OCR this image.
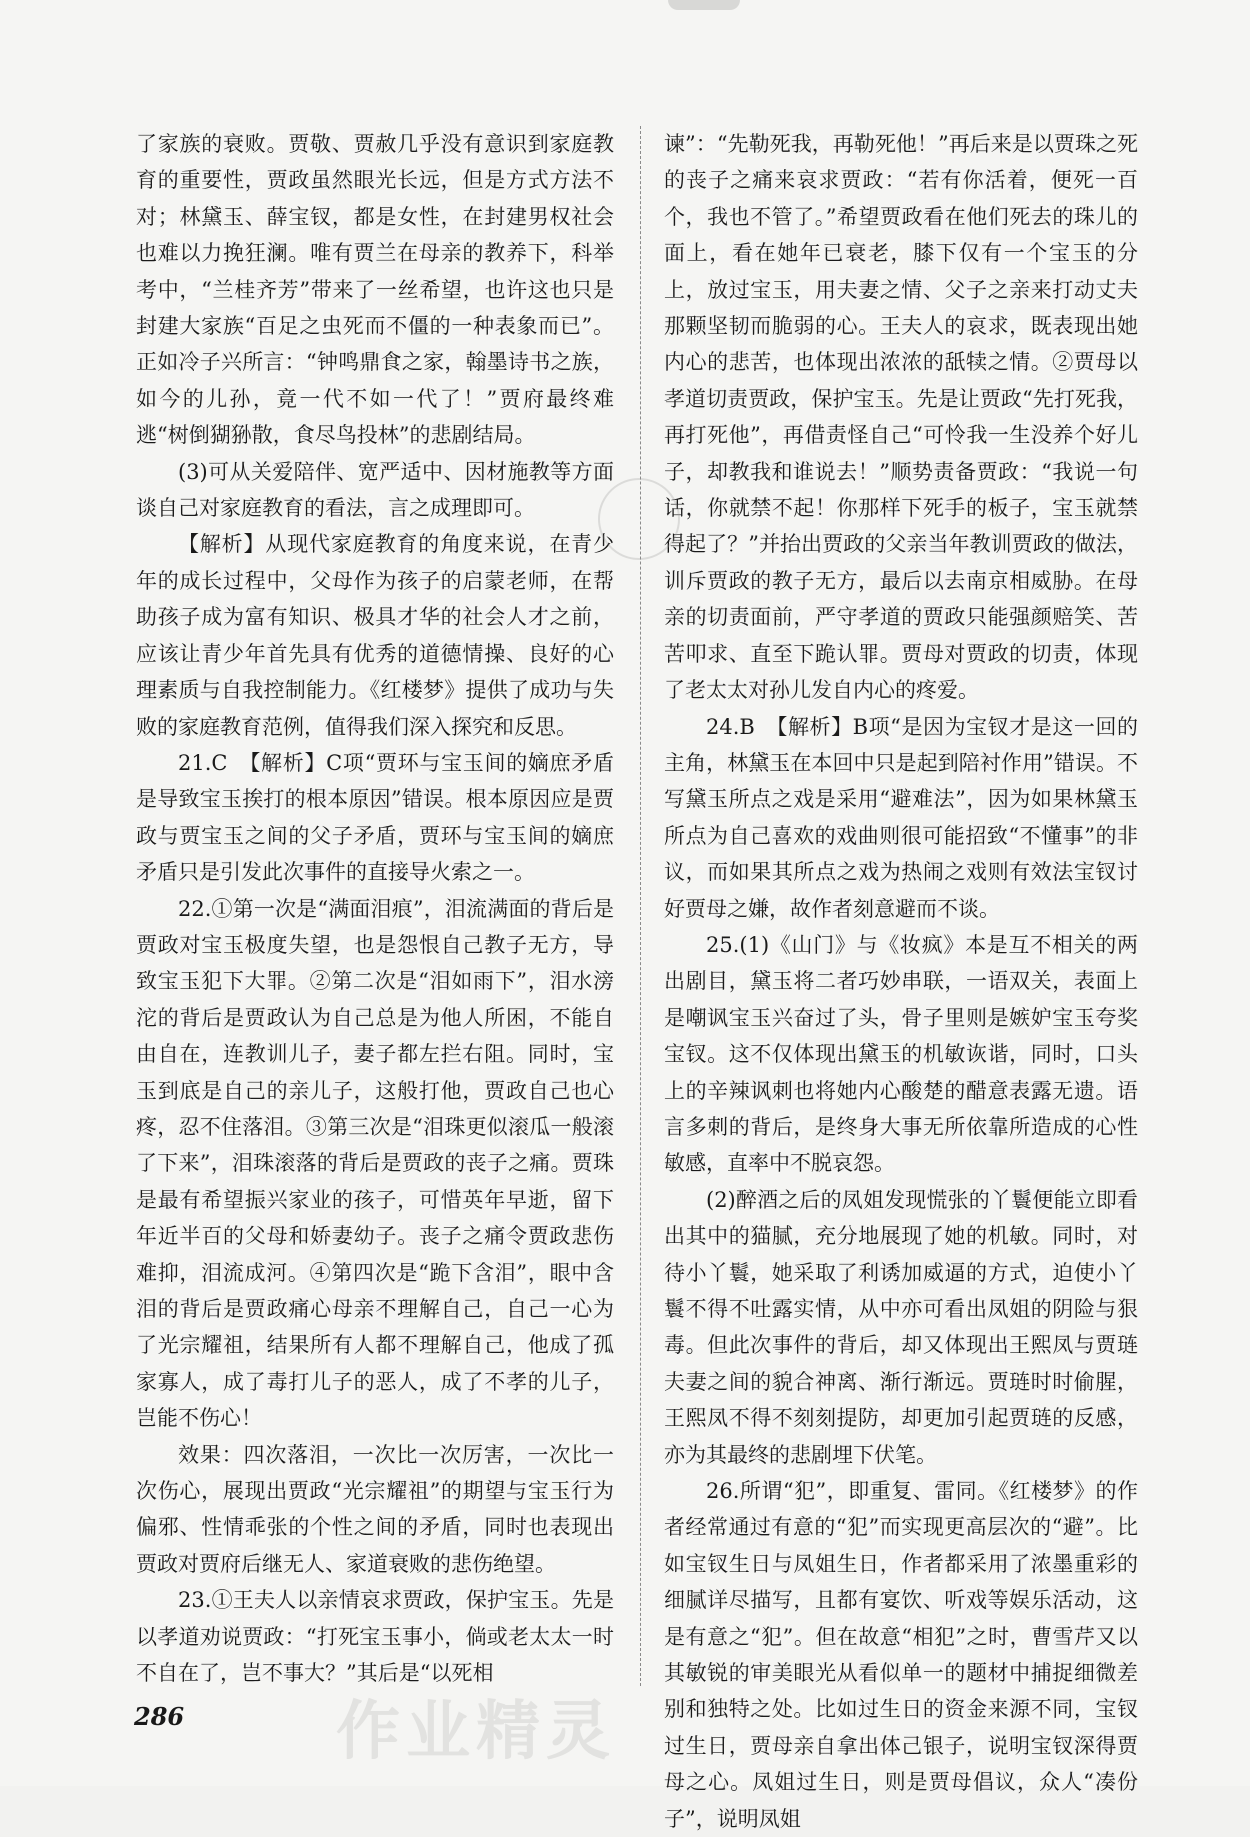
了家族的衰败。贾敬、贾赦几乎没有意识到家庭教育的重要性，贾政虽然眼光长远，但是方式方法不对；林黛玉、薛宝钗，都是女性，在封建男权社会也难以力挽狂澜。唯有贾兰在母亲的教养下，科举考中，“兰桂齐芳”带来了一丝希望，也许这也只是封建大家族“百足之虫死而不僵的一种表象而已”。正如冷子兴所言：“钟鸣鼎食之家，翰墨诗书之族，如今的儿孙，竟一代不如一代了！”贾府最终难逃“树倒猢狲散，食尽鸟投林”的悲剧结局。

(3)可从关爱陪伴、宽严适中、因材施教等方面谈自己对家庭教育的看法，言之成理即可。

【解析】从现代家庭教育的角度来说，在青少年的成长过程中，父母作为孩子的启蒙老师，在帮助孩子成为富有知识、极具才华的社会人才之前，应该让青少年首先具有优秀的道德情操、良好的心理素质与自我控制能力。《红楼梦》提供了成功与失败的家庭教育范例，值得我们深入探究和反思。

21.C　【解析】C项“贾环与宝玉间的嫡庶矛盾是导致宝玉挨打的根本原因”错误。根本原因应是贾政与贾宝玉之间的父子矛盾，贾环与宝玉间的嫡庶矛盾只是引发此次事件的直接导火索之一。

22.①第一次是“满面泪痕”，泪流满面的背后是贾政对宝玉极度失望，也是怨恨自己教子无方，导致宝玉犯下大罪。②第二次是“泪如雨下”，泪水滂沱的背后是贾政认为自己总是为他人所困，不能自由自在，连教训儿子，妻子都左拦右阻。同时，宝玉到底是自己的亲儿子，这般打他，贾政自己也心疼，忍不住落泪。③第三次是“泪珠更似滚瓜一般滚了下来”，泪珠滚落的背后是贾政的丧子之痛。贾珠是最有希望振兴家业的孩子，可惜英年早逝，留下年近半百的父母和娇妻幼子。丧子之痛令贾政悲伤难抑，泪流成河。④第四次是“跪下含泪”，眼中含泪的背后是贾政痛心母亲不理解自己，自己一心为了光宗耀祖，结果所有人都不理解自己，他成了孤家寡人，成了毒打儿子的恶人，成了不孝的儿子，岂能不伤心！

效果：四次落泪，一次比一次厉害，一次比一次伤心，展现出贾政“光宗耀祖”的期望与宝玉行为偏邪、性情乖张的个性之间的矛盾，同时也表现出贾政对贾府后继无人、家道衰败的悲伤绝望。

23.①王夫人以亲情哀求贾政，保护宝玉。先是以孝道劝说贾政：“打死宝玉事小，倘或老太太一时不自在了，岂不事大？”其后是“以死相

谏”：“先勒死我，再勒死他！”再后来是以贾珠之死的丧子之痛来哀求贾政：“若有你活着，便死一百个，我也不管了。”希望贾政看在他们死去的珠儿的面上，看在她年已衰老，膝下仅有一个宝玉的分上，放过宝玉，用夫妻之情、父子之亲来打动丈夫那颗坚韧而脆弱的心。王夫人的哀求，既表现出她内心的悲苦，也体现出浓浓的舐犊之情。②贾母以孝道切责贾政，保护宝玉。先是让贾政“先打死我，再打死他”，再借责怪自己“可怜我一生没养个好儿子，却教我和谁说去！”顺势责备贾政：“我说一句话，你就禁不起！你那样下死手的板子，宝玉就禁得起了？”并抬出贾政的父亲当年教训贾政的做法，训斥贾政的教子无方，最后以去南京相威胁。在母亲的切责面前，严守孝道的贾政只能强颜赔笑、苦苦叩求、直至下跪认罪。贾母对贾政的切责，体现了老太太对孙儿发自内心的疼爱。

24.B　【解析】B项“是因为宝钗才是这一回的主角，林黛玉在本回中只是起到陪衬作用”错误。不写黛玉所点之戏是采用“避难法”，因为如果林黛玉所点为自己喜欢的戏曲则很可能招致“不懂事”的非议，而如果其所点之戏为热闹之戏则有效法宝钗讨好贾母之嫌，故作者刻意避而不谈。

25.(1)《山门》与《妆疯》本是互不相关的两出剧目，黛玉将二者巧妙串联，一语双关，表面上是嘲讽宝玉兴奋过了头，骨子里则是嫉妒宝玉夸奖宝钗。这不仅体现出黛玉的机敏诙谐，同时，口头上的辛辣讽刺也将她内心酸楚的醋意表露无遗。语言多刺的背后，是终身大事无所依靠所造成的心性敏感，直率中不脱哀怨。

(2)醉酒之后的凤姐发现慌张的丫鬟便能立即看出其中的猫腻，充分地展现了她的机敏。同时，对待小丫鬟，她采取了利诱加威逼的方式，迫使小丫鬟不得不吐露实情，从中亦可看出凤姐的阴险与狠毒。但此次事件的背后，却又体现出王熙凤与贾琏夫妻之间的貌合神离、渐行渐远。贾琏时时偷腥，王熙凤不得不刻刻提防，却更加引起贾琏的反感，亦为其最终的悲剧埋下伏笔。

26.所谓“犯”，即重复、雷同。《红楼梦》的作者经常通过有意的“犯”而实现更高层次的“避”。比如宝钗生日与凤姐生日，作者都采用了浓墨重彩的细腻详尽描写，且都有宴饮、听戏等娱乐活动，这是有意之“犯”。但在故意“相犯”之时，曹雪芹又以其敏锐的审美眼光从看似单一的题材中捕捉细微差别和独特之处。比如过生日的资金来源不同，宝钗过生日，贾母亲自拿出体己银子，说明宝钗深得贾母之心。凤姐过生日，则是贾母倡议，众人“凑份子”，说明凤姐

作业精灵
286
